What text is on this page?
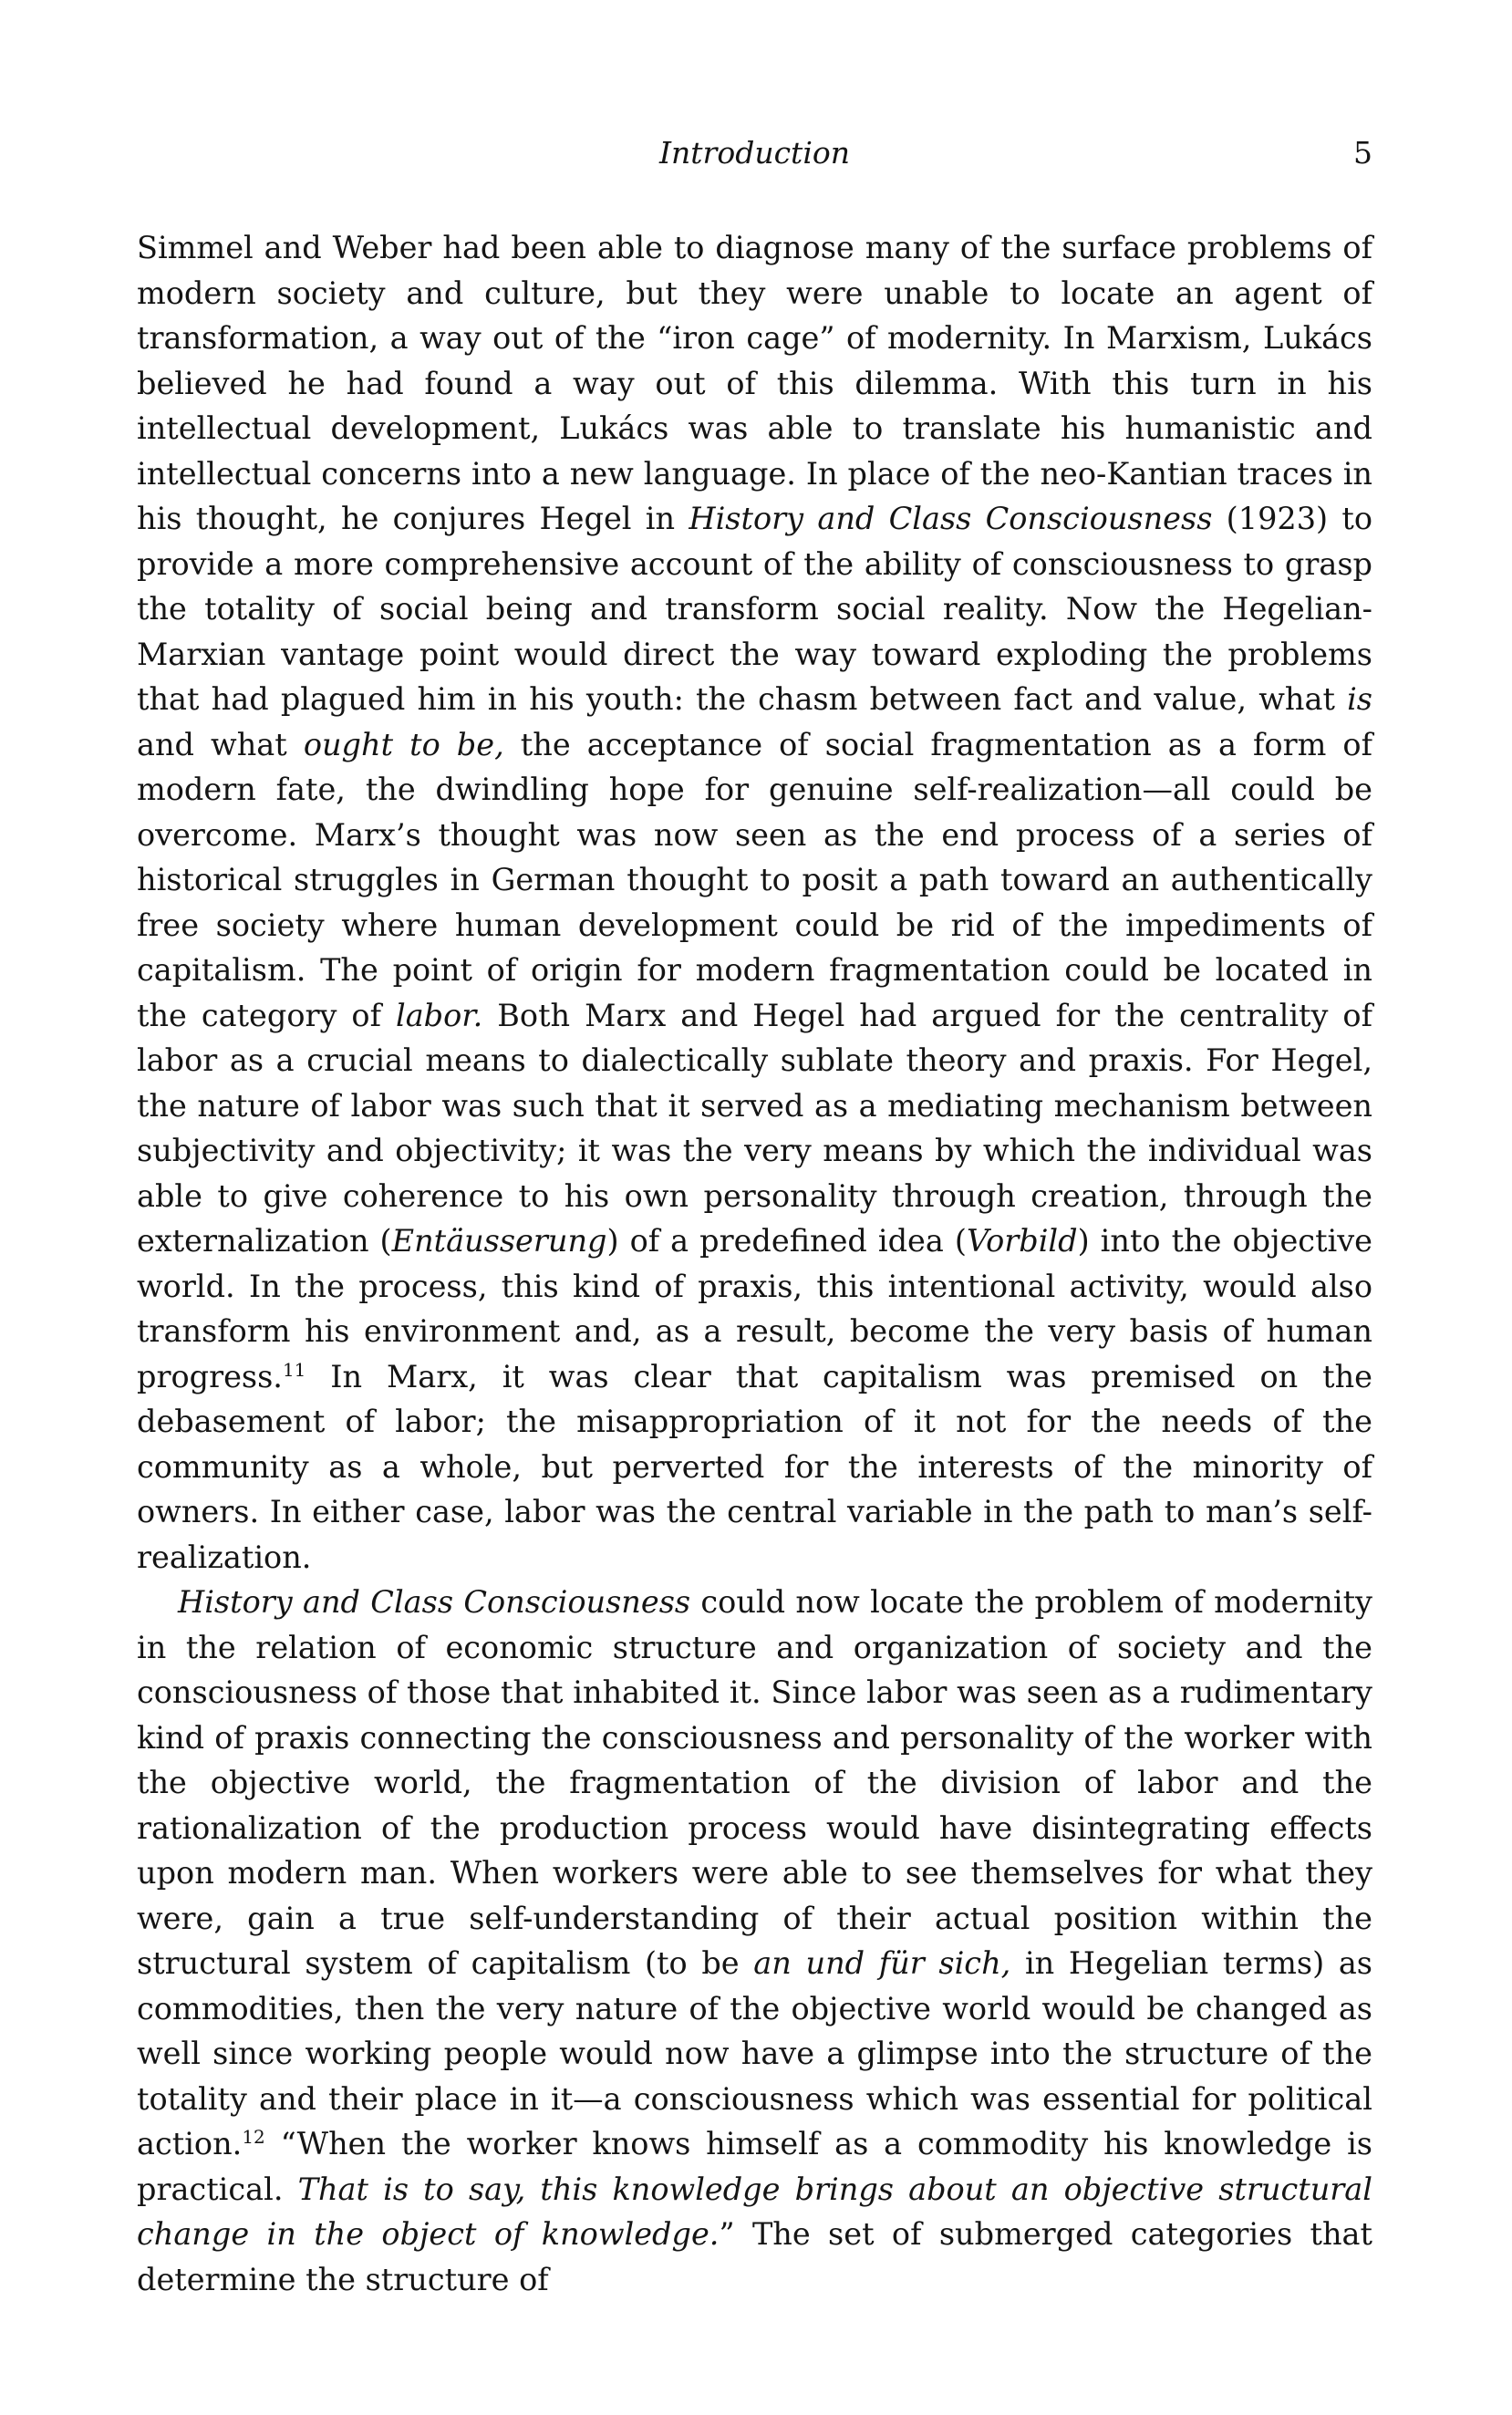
Introduction	5

Simmel and Weber had been able to diagnose many of the surface problems of modern society and culture, but they were unable to locate an agent of transformation, a way out of the “iron cage” of modernity. In Marxism, Lukács believed he had found a way out of this dilemma. With this turn in his intellectual development, Lukács was able to translate his humanistic and intellectual concerns into a new language. In place of the neo-Kantian traces in his thought, he conjures Hegel in History and Class Consciousness (1923) to provide a more comprehensive account of the ability of consciousness to grasp the totality of social being and transform social reality. Now the Hegelian-Marxian vantage point would direct the way toward exploding the problems that had plagued him in his youth: the chasm between fact and value, what is and what ought to be, the acceptance of social fragmentation as a form of modern fate, the dwindling hope for genuine self-realization—all could be overcome. Marx’s thought was now seen as the end process of a series of historical struggles in German thought to posit a path toward an authentically free society where human development could be rid of the impediments of capitalism. The point of origin for modern fragmentation could be located in the category of labor. Both Marx and Hegel had argued for the centrality of labor as a crucial means to dialectically sublate theory and praxis. For Hegel, the nature of labor was such that it served as a mediating mechanism between subjectivity and objectivity; it was the very means by which the individual was able to give coherence to his own personality through creation, through the externalization (Entäusserung) of a predefined idea (Vorbild) into the objective world. In the process, this kind of praxis, this intentional activity, would also transform his environment and, as a result, become the very basis of human progress.$^{11}$ In Marx, it was clear that capitalism was premised on the debasement of labor; the misappropriation of it not for the needs of the community as a whole, but perverted for the interests of the minority of owners. In either case, labor was the central variable in the path to man’s self-realization.

History and Class Consciousness could now locate the problem of modernity in the relation of economic structure and organization of society and the consciousness of those that inhabited it. Since labor was seen as a rudimentary kind of praxis connecting the consciousness and personality of the worker with the objective world, the fragmentation of the division of labor and the rationalization of the production process would have disintegrating effects upon modern man. When workers were able to see themselves for what they were, gain a true self-understanding of their actual position within the structural system of capitalism (to be an und für sich, in Hegelian terms) as commodities, then the very nature of the objective world would be changed as well since working people would now have a glimpse into the structure of the totality and their place in it—a consciousness which was essential for political action.$^{12}$ “When the worker knows himself as a commodity his knowledge is practical. That is to say, this knowledge brings about an objective structural change in the object of knowledge.” The set of submerged categories that determine the structure of
